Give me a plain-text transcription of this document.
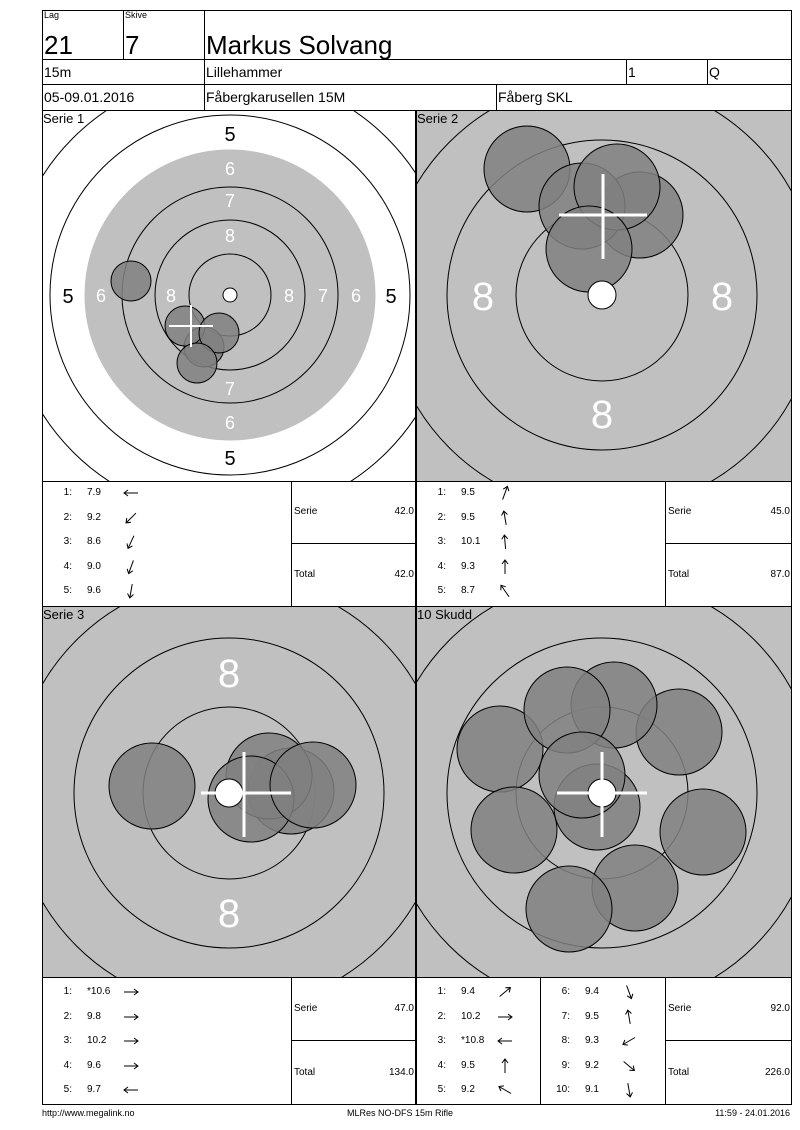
Lag
21
Skive
7	Markus Solvang
15m	Lillehammer	1	Q
05-09.01.2016	Fåbergkarusellen 15M	Fåberg SKL
Serie 1
5
5
5	5
6
6
6	6
7
7
7
8
8	8
Serie 2
8	8
8
Serie 3
8
8
10 Skudd
Serie	42.0
Total	42.0
Serie	45.0
Total	87.0
Serie	47.0
Total	134.0
Serie	92.0
Total	226.0
http://www.megalink.no	MLRes NO-DFS 15m Rifle	11:59 - 24.01.2016
1: 7.9
2: 9.2
3: 8.6
4: 9.0
5: 9.6
1: 9.5
2: 9.5
3: 10.1
4: 9.3
5: 8.7
1: *10.6
2: 9.8
3: 10.2
4: 9.6
5: 9.7
1: 9.4
2: 10.2
3: *10.8
4: 9.5
5: 9.2
6: 9.4
7: 9.5
8: 9.3
9: 9.2
10: 9.1
